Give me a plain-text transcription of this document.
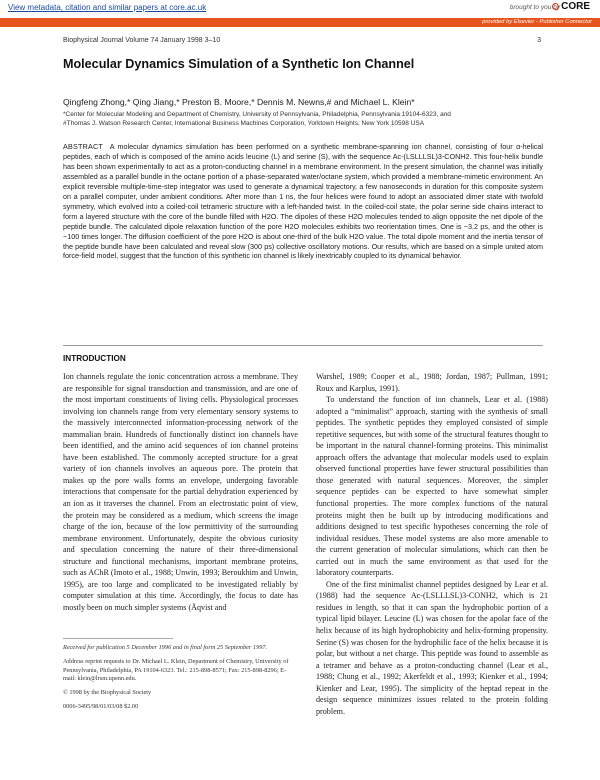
View metadata, citation and similar papers at core.ac.uk	brought to you by CORE
provided by Elsevier - Publisher Connector
Biophysical Journal Volume 74 January 1998 3–10	3
Molecular Dynamics Simulation of a Synthetic Ion Channel
Qingfeng Zhong,* Qing Jiang,* Preston B. Moore,* Dennis M. Newns,# and Michael L. Klein*
*Center for Molecular Modeling and Department of Chemistry, University of Pennsylvania, Philadelphia, Pennsylvania 19104-6323, and
#Thomas J. Watson Research Center, International Business Machines Corporation, Yorktown Heights, New York 10598 USA
ABSTRACT A molecular dynamics simulation has been performed on a synthetic membrane-spanning ion channel, consisting of four α-helical peptides, each of which is composed of the amino acids leucine (L) and serine (S), with the sequence Ac-(LSLLLSL)3-CONH2. This four-helix bundle has been shown experimentally to act as a proton-conducting channel in a membrane environment. In the present simulation, the channel was initially assembled as a parallel bundle in the octane portion of a phase-separated water/octane system, which provided a membrane-mimetic environment. An explicit reversible multiple-time-step integrator was used to generate a dynamical trajectory, a few nanoseconds in duration for this composite system on a parallel computer, under ambient conditions. After more than 1 ns, the four helices were found to adopt an associated dimer state with twofold symmetry, which evolved into a coiled-coil tetrameric structure with a left-handed twist. In the coiled-coil state, the polar serine side chains interact to form a layered structure with the core of the bundle filled with H2O. The dipoles of these H2O molecules tended to align opposite the net dipole of the peptide bundle. The calculated dipole relaxation function of the pore H2O molecules exhibits two reorientation times. One is ~3.2 ps, and the other is ~100 times longer. The diffusion coefficient of the pore H2O is about one-third of the bulk H2O value. The total dipole moment and the inertia tensor of the peptide bundle have been calculated and reveal slow (300 ps) collective oscillatory motions. Our results, which are based on a simple united atom force-field model, suggest that the function of this synthetic ion channel is likely inextricably coupled to its dynamical behavior.
INTRODUCTION

Ion channels regulate the ionic concentration across a membrane. They are responsible for signal transduction and transmission, and are one of the most important constituents of living cells. Physiological processes involving ion channels range from very elementary sensory systems to the massively interconnected information-processing network of the mammalian brain. Hundreds of functionally distinct ion channels have been identified, and the amino acid sequences of ion channel proteins have been established. The commonly accepted structure for a great variety of ion channels involves an aqueous pore. The protein that makes up the pore walls forms an envelope, undergoing favorable interactions that compensate for the partial dehydration experienced by an ion as it traverses the channel. From an electrostatic point of view, the protein may be considered as a medium, which screens the image charge of the ion, because of the low permittivity of the surrounding membrane environment. Unfortunately, despite the obvious curiosity and speculation concerning the nature of their three-dimensional structure and functional mechanisms, important membrane proteins, such as AChR (Imoto et al., 1988; Unwin, 1993; Beroukhim and Unwin, 1995), are too large and complicated to be investigated reliably by computer simulation at this time. Accordingly, the focus to date has mostly been on much simpler systems (Åqvist and

Warshel, 1989; Cooper et al., 1988; Jordan, 1987; Pullman, 1991; Roux and Karplus, 1991).

To understand the function of ion channels, Lear et al. (1988) adopted a “minimalist” approach, starting with the synthesis of small peptides. The synthetic peptides they employed consisted of simple repetitive sequences, but with some of the structural features thought to be important in the natural channel-forming proteins. This minimalist approach offers the advantage that molecular models used to explain observed functional properties have fewer structural possibilities than those generated with natural sequences. Moreover, the simpler sequence peptides can be expected to have somewhat simpler functional properties. The more complex functions of the natural proteins might then be built up by introducing modifications and additions designed to test specific hypotheses concerning the role of individual residues. These model systems are also more amenable to the current generation of molecular simulations, which can then be carried out in much the same environment as that used for the laboratory counterparts.

One of the first minimalist channel peptides designed by Lear et al. (1988) had the sequence Ac-(LSLLLSL)3-CONH2, which is 21 residues in length, so that it can span the hydrophobic portion of a typical lipid bilayer. Leucine (L) was chosen for the apolar face of the helix because of its high hydrophobicity and helix-forming propensity. Serine (S) was chosen for the hydrophilic face of the helix because it is polar, but without a net charge. This peptide was found to assemble as a tetramer and behave as a proton-conducting channel (Lear et al., 1988; Chung et al., 1992; Akerfeldt et al., 1993; Kienker et al., 1994; Kienker and Lear, 1995). The simplicity of the heptad repeat in the design sequence minimizes issues related to the protein folding problem.

Received for publication 5 December 1996 and in final form 25 September 1997.
Address reprint requests to Dr. Michael L. Klein, Department of Chemistry, University of Pennsylvania, Philadelphia, PA 19104-6323. Tel.: 215-898-8571; Fax: 215-898-8296; E-mail: klein@lrsm.upenn.edu.
© 1998 by the Biophysical Society
0006-3495/98/01/03/08 $2.00
